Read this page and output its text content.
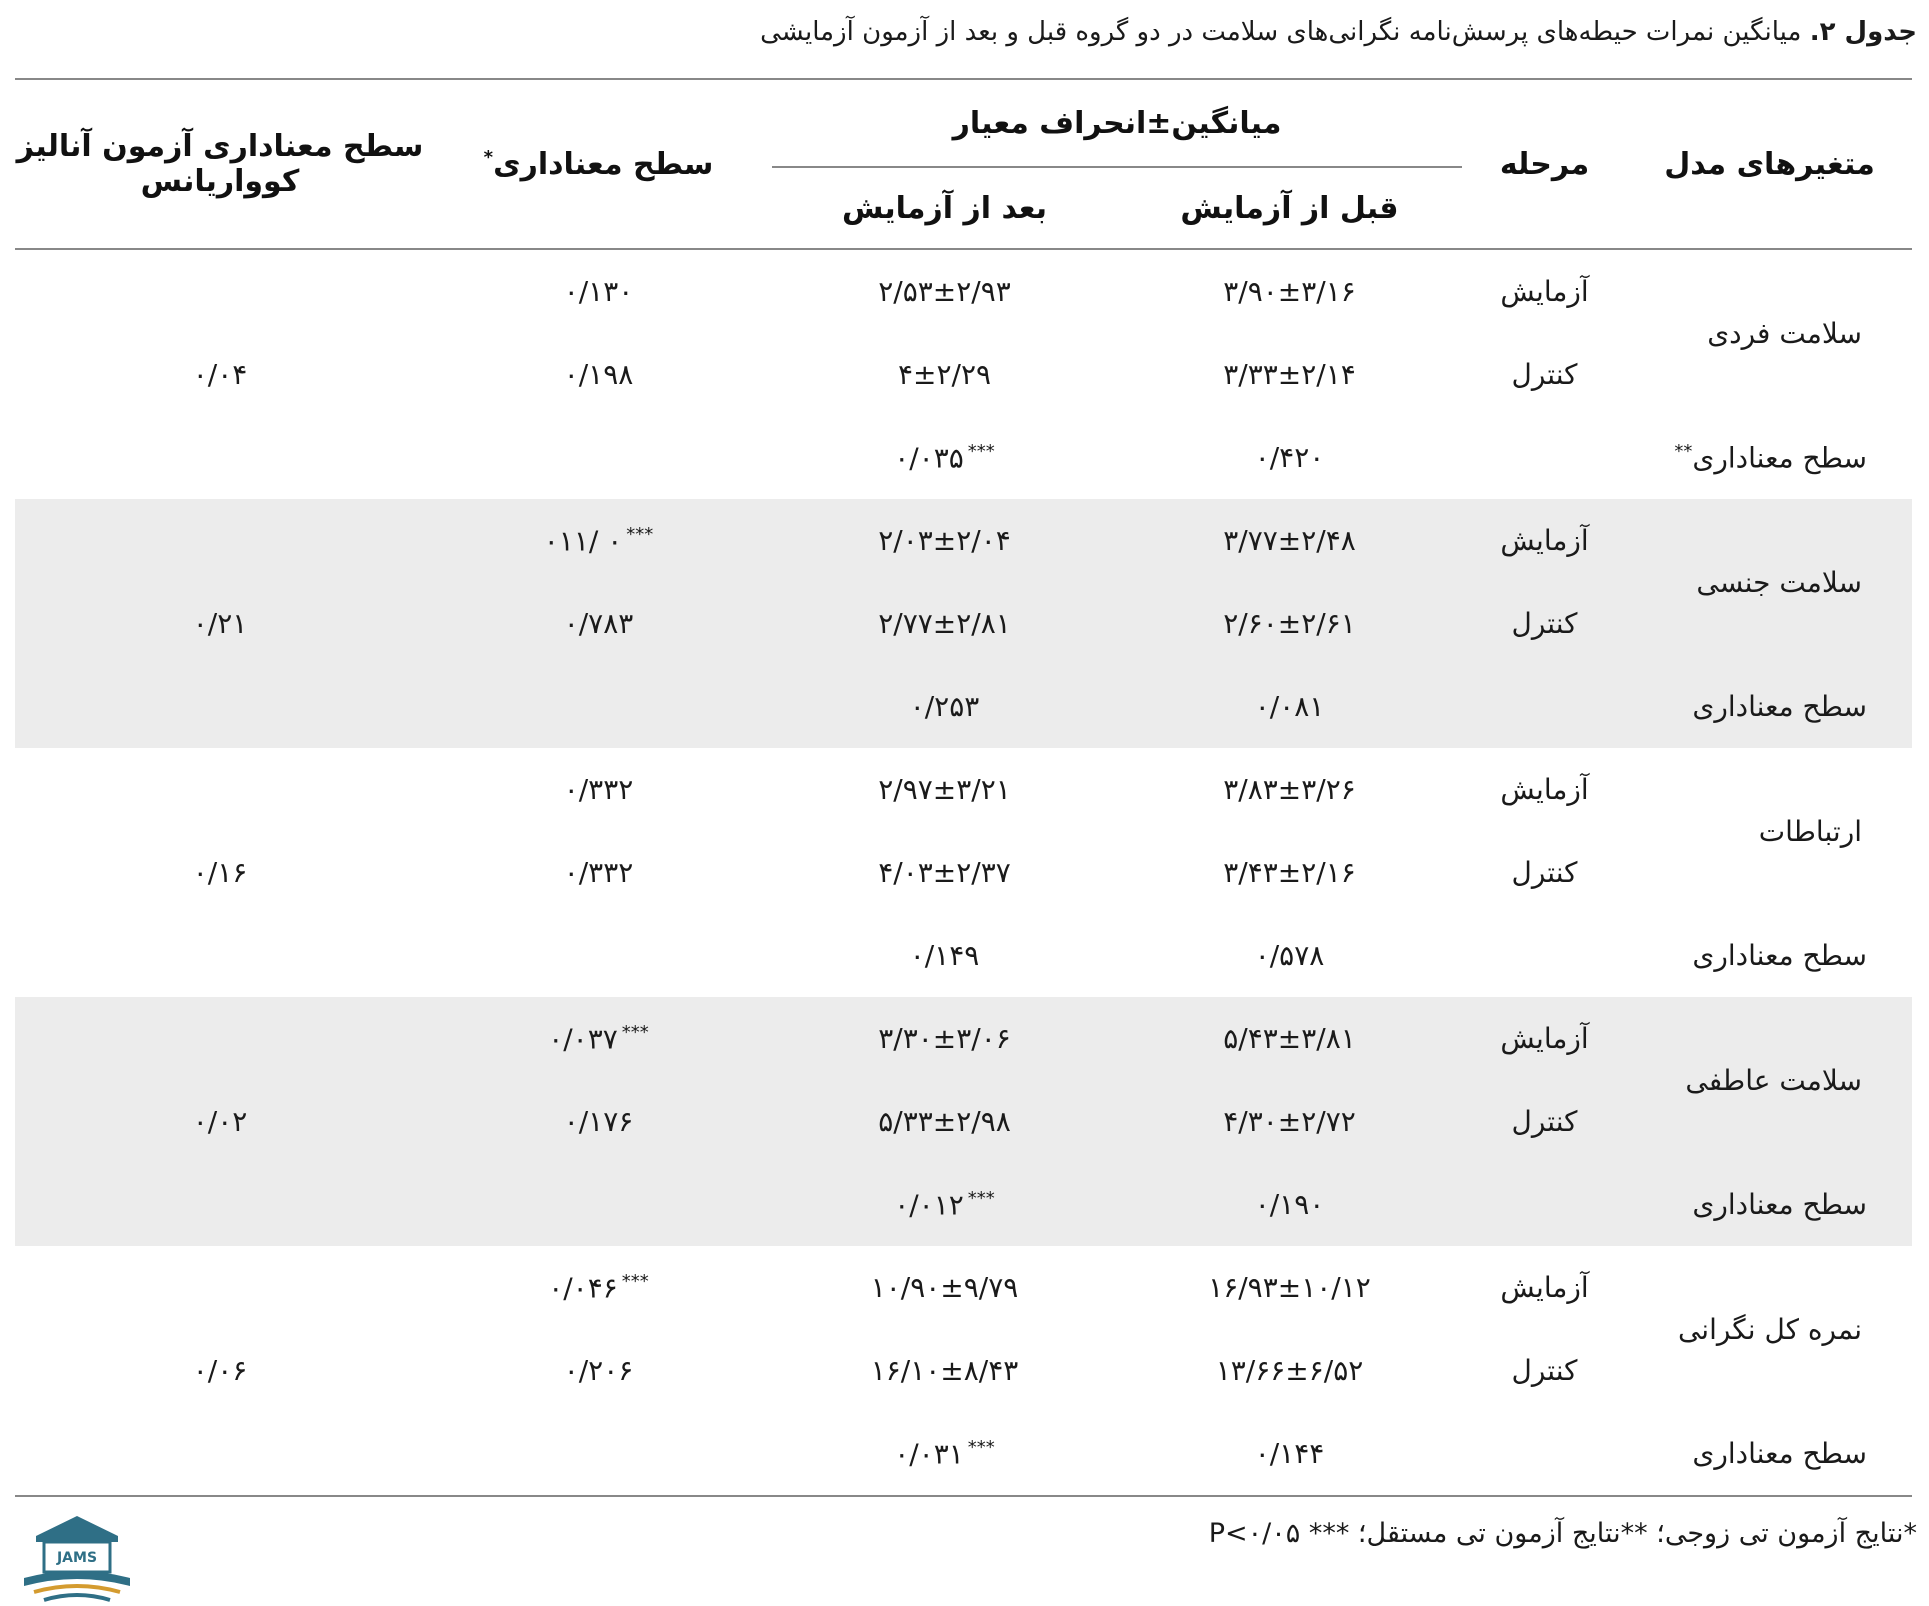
جدول ۲. میانگین نمرات حیطه‌های پرسش‌نامه نگرانی‌های سلامت در دو گروه قبل و بعد از آزمون آزمایشی
متغیرهای مدل	مرحله	میانگین±انحراف معیار		سطح معناداری*	سطح معناداری آزمون آنالیز کوواریانس
		قبل از آزمایش	بعد از آزمایش		
سلامت فردی	آزمایش	۳/۹۰±۳/۱۶	۲/۵۳±۲/۹۳	۰/۱۳۰	۰/۰۴
	کنترل	۳/۳۳±۲/۱۴	۴±۲/۲۹	۰/۱۹۸	
سطح معناداری**		۰/۴۲۰	***۰/۰۳۵		
سلامت جنسی	آزمایش	۳/۷۷±۲/۴۸	۲/۰۳±۲/۰۴	***۰ /۰۱۱	۰/۲۱
	کنترل	۲/۶۰±۲/۶۱	۲/۷۷±۲/۸۱	۰/۷۸۳	
سطح معناداری		۰/۰۸۱	۰/۲۵۳		
ارتباطات	آزمایش	۳/۸۳±۳/۲۶	۲/۹۷±۳/۲۱	۰/۳۳۲	۰/۱۶
	کنترل	۳/۴۳±۲/۱۶	۴/۰۳±۲/۳۷	۰/۳۳۲	
سطح معناداری		۰/۵۷۸	۰/۱۴۹		
سلامت عاطفی	آزمایش	۵/۴۳±۳/۸۱	۳/۳۰±۳/۰۶	***۰/۰۳۷	۰/۰۲
	کنترل	۴/۳۰±۲/۷۲	۵/۳۳±۲/۹۸	۰/۱۷۶	
سطح معناداری		۰/۱۹۰	***۰/۰۱۲		
نمره کل نگرانی	آزمایش	۱۶/۹۳±۱۰/۱۲	۱۰/۹۰±۹/۷۹	***۰/۰۴۶	۰/۰۶
	کنترل	۱۳/۶۶±۶/۵۲	۱۶/۱۰±۸/۴۳	۰/۲۰۶	
سطح معناداری		۰/۱۴۴	***۰/۰۳۱		
*نتایج آزمون تی زوجی؛ **نتایج آزمون تی مستقل؛ *** P<۰/۰۵
JAMS
